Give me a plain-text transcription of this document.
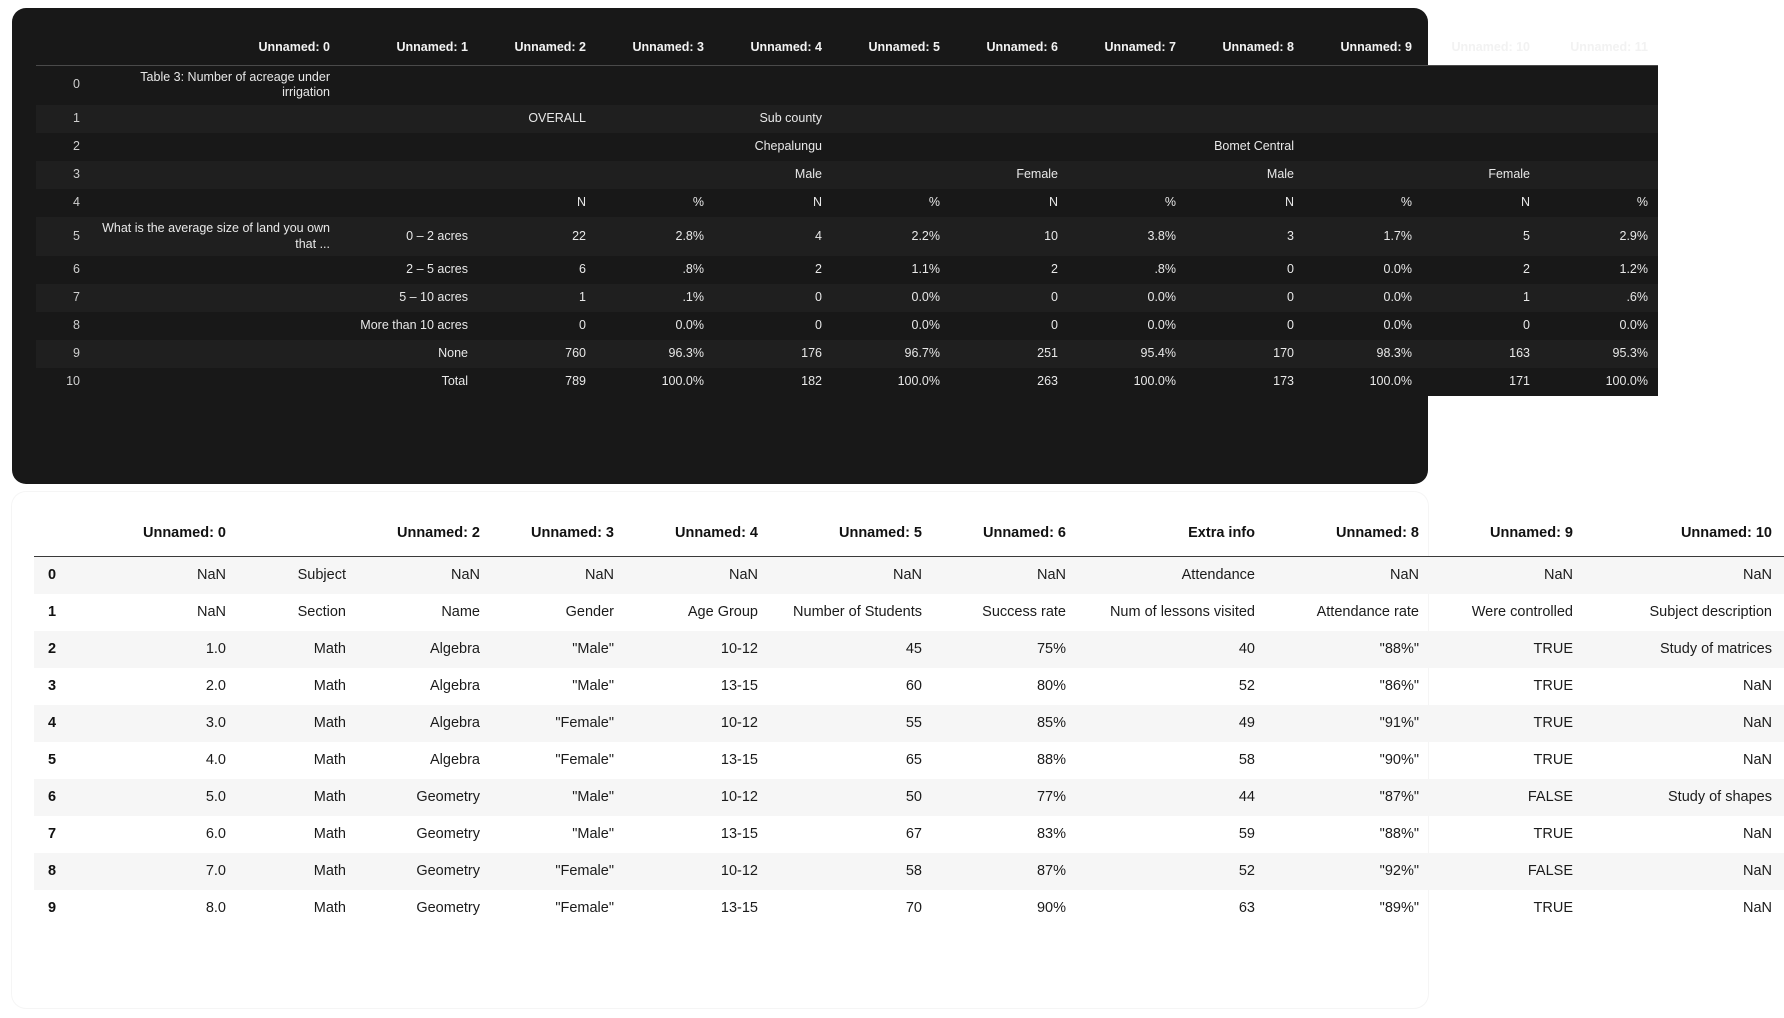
	Unnamed: 0	Unnamed: 1	Unnamed: 2	Unnamed: 3	Unnamed: 4	Unnamed: 5	Unnamed: 6	Unnamed: 7	Unnamed: 8	Unnamed: 9	Unnamed: 10	Unnamed: 11
0	Table 3: Number of acreage under irrigation											
1			OVERALL		Sub county							
2					Chepalungu				Bomet Central			
3					Male		Female		Male		Female	
4			N	%	N	%	N	%	N	%	N	%
5	What is the average size of land you own that ...	0 – 2 acres	22	2.8%	4	2.2%	10	3.8%	3	1.7%	5	2.9%
6		2 – 5 acres	6	.8%	2	1.1%	2	.8%	0	0.0%	2	1.2%
7		5 – 10 acres	1	.1%	0	0.0%	0	0.0%	0	0.0%	1	.6%
8		More than 10 acres	0	0.0%	0	0.0%	0	0.0%	0	0.0%	0	0.0%
9		None	760	96.3%	176	96.7%	251	95.4%	170	98.3%	163	95.3%
10		Total	789	100.0%	182	100.0%	263	100.0%	173	100.0%	171	100.0%
	Unnamed: 0		Unnamed: 2	Unnamed: 3	Unnamed: 4	Unnamed: 5	Unnamed: 6	Extra info	Unnamed: 8	Unnamed: 9	Unnamed: 10
0	NaN	Subject	NaN	NaN	NaN	NaN	NaN	Attendance	NaN	NaN	NaN
1	NaN	Section	Name	Gender	Age Group	Number of Students	Success rate	Num of lessons visited	Attendance rate	Were controlled	Subject description
2	1.0	Math	Algebra	"Male"	10-12	45	75%	40	"88%"	TRUE	Study of matrices
3	2.0	Math	Algebra	"Male"	13-15	60	80%	52	"86%"	TRUE	NaN
4	3.0	Math	Algebra	"Female"	10-12	55	85%	49	"91%"	TRUE	NaN
5	4.0	Math	Algebra	"Female"	13-15	65	88%	58	"90%"	TRUE	NaN
6	5.0	Math	Geometry	"Male"	10-12	50	77%	44	"87%"	FALSE	Study of shapes
7	6.0	Math	Geometry	"Male"	13-15	67	83%	59	"88%"	TRUE	NaN
8	7.0	Math	Geometry	"Female"	10-12	58	87%	52	"92%"	FALSE	NaN
9	8.0	Math	Geometry	"Female"	13-15	70	90%	63	"89%"	TRUE	NaN
